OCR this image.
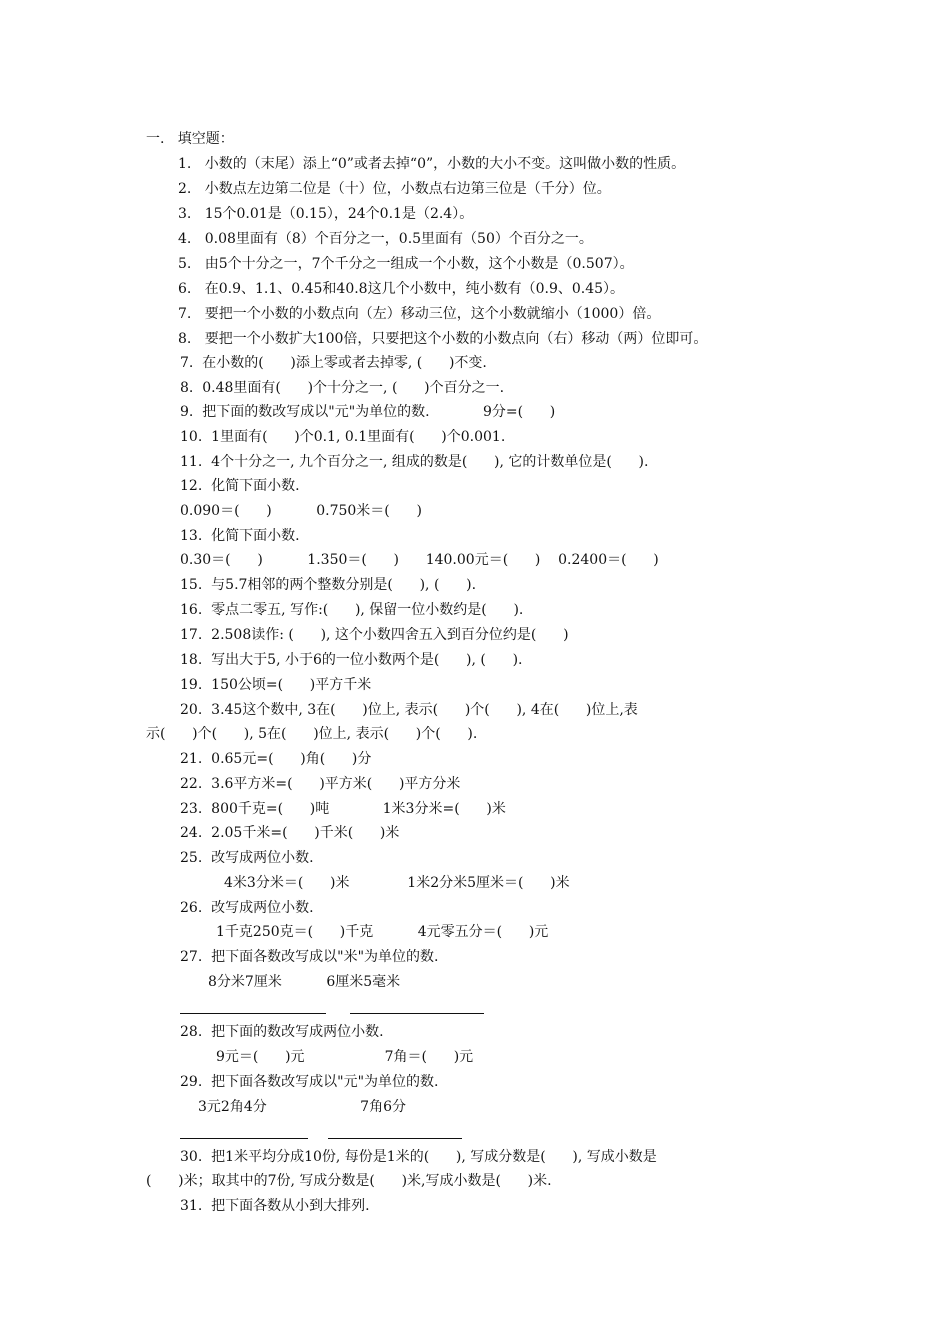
一.   填空题：
1.   小数的（末尾）添上“0”或者去掉“0”，小数的大小不变。这叫做小数的性质。
2.   小数点左边第二位是（十）位，小数点右边第三位是（千分）位。
3.   15个0.01是（0.15），24个0.1是（2.4）。
4.   0.08里面有（8）个百分之一，0.5里面有（50）个百分之一。
5.   由5个十分之一，7个千分之一组成一个小数，这个小数是（0.507）。
6.   在0.9、1.1、0.45和40.8这几个小数中，纯小数有（0.9、0.45）。
7.   要把一个小数的小数点向（左）移动三位，这个小数就缩小（1000）倍。
8.   要把一个小数扩大100倍，只要把这个小数的小数点向（右）移动（两）位即可。
7.  在小数的(      )添上零或者去掉零, (      )不变.
8.  0.48里面有(      )个十分之一, (      )个百分之一.
9.  把下面的数改写成以"元"为单位的数.            9分=(      )
10.  1里面有(      )个0.1, 0.1里面有(      )个0.001.
11.  4个十分之一, 九个百分之一, 组成的数是(      ), 它的计数单位是(      ).
12.  化简下面小数.
0.090＝(      )          0.750米＝(      )
13.  化简下面小数.
0.30＝(      )          1.350＝(      )      140.00元＝(      )    0.2400＝(      )
15.  与5.7相邻的两个整数分别是(      ), (      ).
16.  零点二零五, 写作:(      ), 保留一位小数约是(      ).
17.  2.508读作: (      ), 这个小数四舍五入到百分位约是(      )
18.  写出大于5, 小于6的一位小数两个是(      ), (      ).
19.  150公顷=(      )平方千米
20.  3.45这个数中, 3在(      )位上, 表示(      )个(      ), 4在(      )位上,表
示(      )个(      ), 5在(      )位上, 表示(      )个(      ).
21.  0.65元=(      )角(      )分
22.  3.6平方米=(      )平方米(      )平方分米
23.  800千克=(      )吨            1米3分米=(      )米
24.  2.05千米=(      )千米(      )米
25.  改写成两位小数.
4米3分米＝(      )米             1米2分米5厘米＝(      )米
26.  改写成两位小数.
1千克250克＝(      )千克          4元零五分＝(      )元
27.  把下面各数改写成以"米"为单位的数.
8分米7厘米          6厘米5毫米
28.  把下面的数改写成两位小数.
9元＝(      )元                  7角＝(      )元
29.  把下面各数改写成以"元"为单位的数.
3元2角4分                     7角6分
30.  把1米平均分成10份, 每份是1米的(      ), 写成分数是(      ), 写成小数是
(      )米；取其中的7份, 写成分数是(      )米,写成小数是(      )米.
31.  把下面各数从小到大排列.
